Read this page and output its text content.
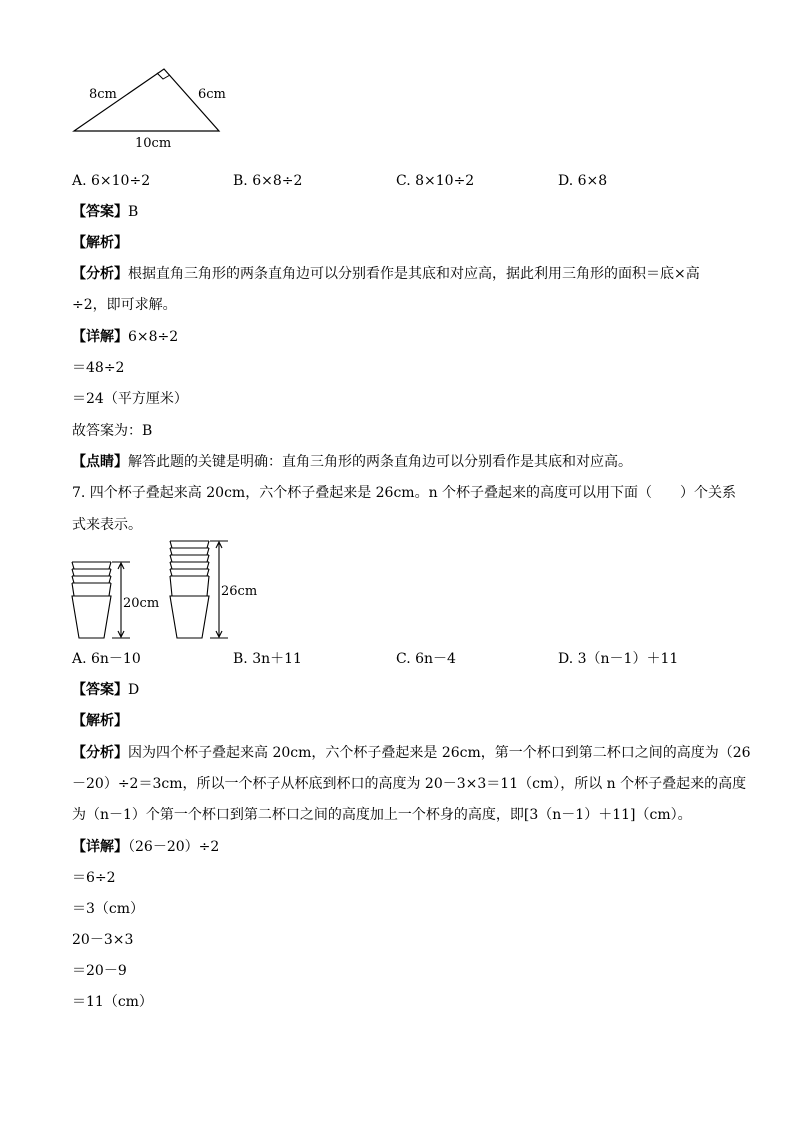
8cm	6cm
10cm
A. 6×10÷2	B. 6×8÷2	C. 8×10÷2	D. 6×8
【答案】B
【解析】
【分析】根据直角三角形的两条直角边可以分别看作是其底和对应高，据此利用三角形的面积＝底×高
÷2，即可求解。
【详解】6×8÷2
＝48÷2
＝24（平方厘米）
故答案为：B
【点睛】解答此题的关键是明确：直角三角形的两条直角边可以分别看作是其底和对应高。
7. 四个杯子叠起来高 20cm，六个杯子叠起来是 26cm。n 个杯子叠起来的高度可以用下面（　　）个关系
式来表示。
20cm
26cm
A. 6n－10	B. 3n＋11	C. 6n－4	D. 3（n－1）＋11
【答案】D
【解析】
【分析】因为四个杯子叠起来高 20cm，六个杯子叠起来是 26cm，第一个杯口到第二杯口之间的高度为（26
－20）÷2＝3cm，所以一个杯子从杯底到杯口的高度为 20－3×3＝11（cm），所以 n 个杯子叠起来的高度
为（n－1）个第一个杯口到第二杯口之间的高度加上一个杯身的高度，即[3（n－1）＋11]（cm）。
【详解】（26－20）÷2
＝6÷2
＝3（cm）
20－3×3
＝20－9
＝11（cm）
